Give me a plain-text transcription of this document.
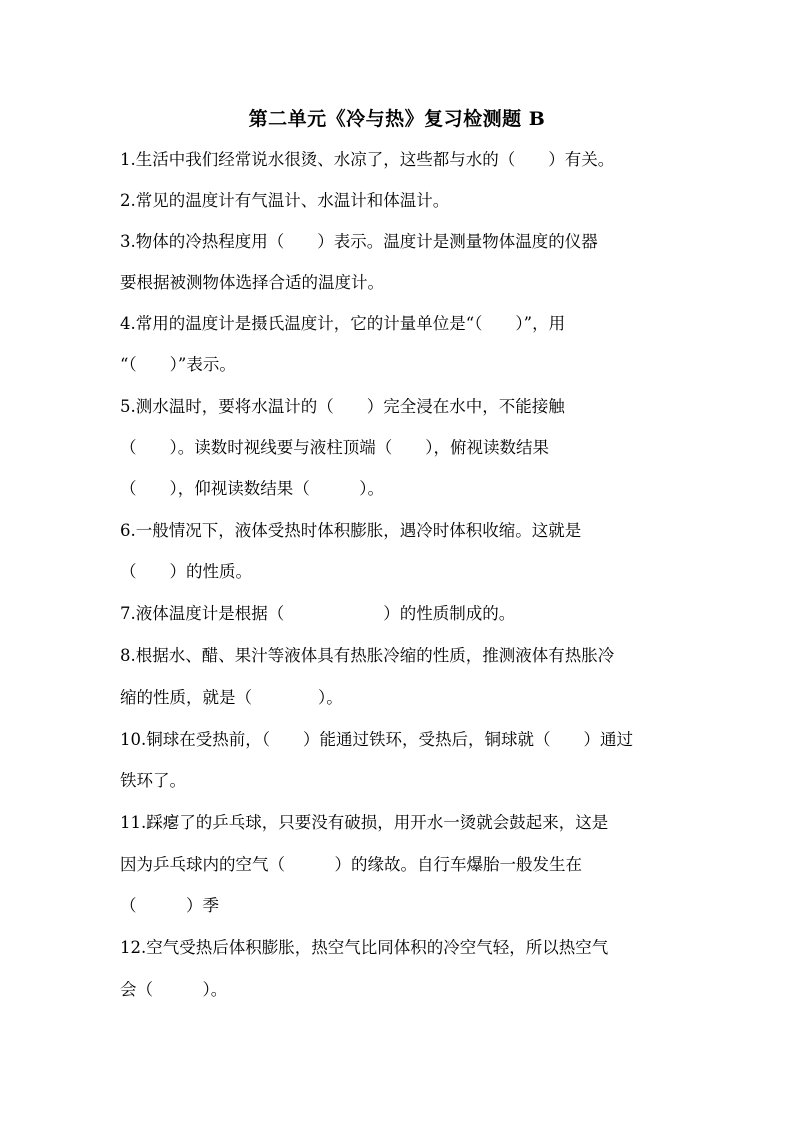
第二单元《冷与热》复习检测题 B
1.生活中我们经常说水很烫、水凉了，这些都与水的（　　）有关。
2.常见的温度计有气温计、水温计和体温计。
3.物体的冷热程度用（　　）表示。温度计是测量物体温度的仪器
要根据被测物体选择合适的温度计。
4.常用的温度计是摄氏温度计，它的计量单位是“（　　）”，用
“（　　）”表示。
5.测水温时，要将水温计的（　　）完全浸在水中，不能接触
（　　）。读数时视线要与液柱顶端（　　），俯视读数结果
（　　），仰视读数结果（　　　）。
6.一般情况下，液体受热时体积膨胀，遇冷时体积收缩。这就是
（　　）的性质。
7.液体温度计是根据（　　　　　　）的性质制成的。
8.根据水、醋、果汁等液体具有热胀冷缩的性质，推测液体有热胀冷
缩的性质，就是（　　　　）。
10.铜球在受热前，（　　）能通过铁环，受热后，铜球就（　　）通过
铁环了。
11.踩瘪了的乒乓球，只要没有破损，用开水一烫就会鼓起来，这是
因为乒乓球内的空气（　　　）的缘故。自行车爆胎一般发生在
（　　　）季
12.空气受热后体积膨胀，热空气比同体积的冷空气轻，所以热空气
会（　　　）。
